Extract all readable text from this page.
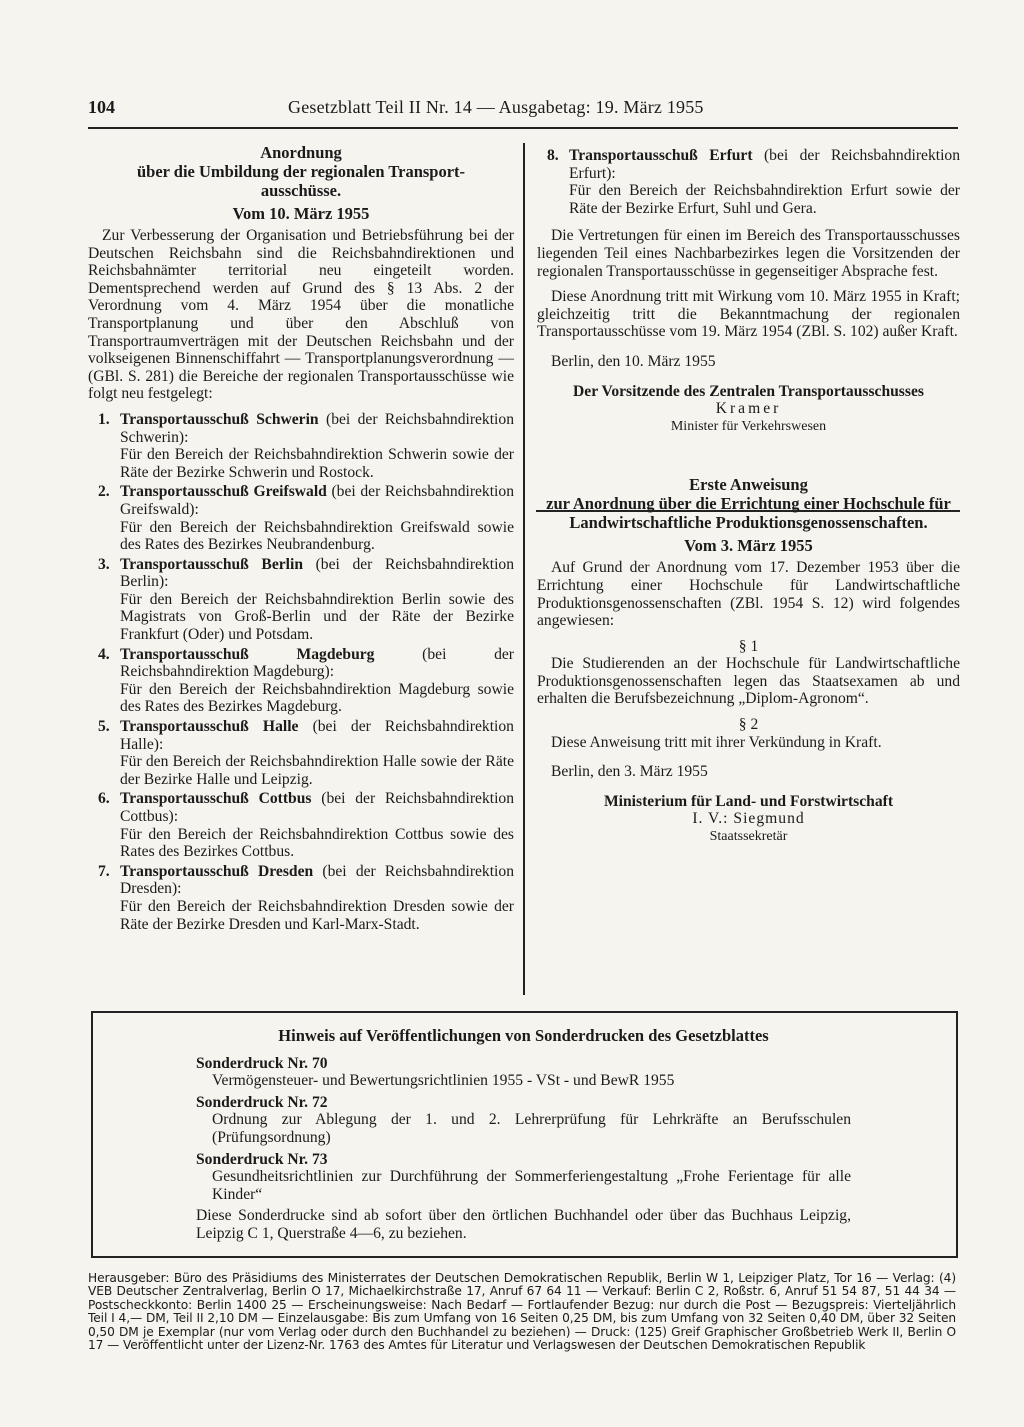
104	Gesetzblatt Teil II Nr. 14 — Ausgabetag: 19. März 1955
Anordnung
über die Umbildung der regionalen Transport-
ausschüsse.
Vom 10. März 1955

Zur Verbesserung der Organisation und Betriebsführung bei der Deutschen Reichsbahn sind die Reichsbahndirektionen und Reichsbahnämter territorial neu eingeteilt worden. Dementsprechend werden auf Grund des § 13 Abs. 2 der Verordnung vom 4. März 1954 über die monatliche Transportplanung und über den Abschluß von Transportraumverträgen mit der Deutschen Reichsbahn und der volkseigenen Binnenschiffahrt — Transportplanungsverordnung — (GBl. S. 281) die Bereiche der regionalen Transportausschüsse wie folgt neu festgelegt:

1. Transportausschuß Schwerin (bei der Reichsbahndirektion Schwerin):
Für den Bereich der Reichsbahndirektion Schwerin sowie der Räte der Bezirke Schwerin und Rostock.
2. Transportausschuß Greifswald (bei der Reichsbahndirektion Greifswald):
Für den Bereich der Reichsbahndirektion Greifswald sowie des Rates des Bezirkes Neubrandenburg.
3. Transportausschuß Berlin (bei der Reichsbahndirektion Berlin):
Für den Bereich der Reichsbahndirektion Berlin sowie des Magistrats von Groß-Berlin und der Räte der Bezirke Frankfurt (Oder) und Potsdam.
4. Transportausschuß Magdeburg	(bei der Reichsbahndirektion Magdeburg):
Für den Bereich der Reichsbahndirektion Magdeburg sowie des Rates des Bezirkes Magdeburg.
5. Transportausschuß Halle (bei der Reichsbahndirektion Halle):
Für den Bereich der Reichsbahndirektion Halle sowie der Räte der Bezirke Halle und Leipzig.
6. Transportausschuß Cottbus (bei der Reichsbahndirektion Cottbus):
Für den Bereich der Reichsbahndirektion Cottbus sowie des Rates des Bezirkes Cottbus.
7. Transportausschuß Dresden (bei der Reichsbahndirektion Dresden):
Für den Bereich der Reichsbahndirektion Dresden sowie der Räte der Bezirke Dresden und Karl-Marx-Stadt.
8. Transportausschuß Erfurt (bei der Reichsbahndirektion Erfurt):
Für den Bereich der Reichsbahndirektion Erfurt sowie der Räte der Bezirke Erfurt, Suhl und Gera.

Die Vertretungen für einen im Bereich des Transportausschusses liegenden Teil eines Nachbarbezirkes legen die Vorsitzenden der regionalen Transportausschüsse in gegenseitiger Absprache fest.

Diese Anordnung tritt mit Wirkung vom 10. März 1955 in Kraft; gleichzeitig tritt die Bekanntmachung der regionalen Transportausschüsse vom 19. März 1954 (ZBl. S. 102) außer Kraft.

Berlin, den 10. März 1955

Der Vorsitzende des Zentralen Transportausschusses
Kramer
Minister für Verkehrswesen
Erste Anweisung
zur Anordnung über die Errichtung einer Hochschule für Landwirtschaftliche Produktionsgenossenschaften.
Vom 3. März 1955

Auf Grund der Anordnung vom 17. Dezember 1953 über die Errichtung einer Hochschule für Landwirtschaftliche Produktionsgenossenschaften (ZBl. 1954 S. 12) wird folgendes angewiesen:

§ 1

Die Studierenden an der Hochschule für Landwirtschaftliche Produktionsgenossenschaften legen das Staatsexamen ab und erhalten die Berufsbezeichnung „Diplom-Agronom“.

§ 2

Diese Anweisung tritt mit ihrer Verkündung in Kraft.

Berlin, den 3. März 1955

Ministerium für Land- und Forstwirtschaft
I. V.: Siegmund
Staatssekretär
Hinweis auf Veröffentlichungen von Sonderdrucken des Gesetzblattes
Sonderdruck Nr. 70
Vermögensteuer- und Bewertungsrichtlinien 1955 - VSt - und BewR 1955
Sonderdruck Nr. 72
Ordnung zur Ablegung der 1. und 2. Lehrerprüfung für Lehrkräfte an Berufsschulen (Prüfungsordnung)
Sonderdruck Nr. 73
Gesundheitsrichtlinien zur Durchführung der Sommerferiengestaltung „Frohe Ferientage für alle Kinder“
Diese Sonderdrucke sind ab sofort über den örtlichen Buchhandel oder über das Buchhaus Leipzig, Leipzig C 1, Querstraße 4—6, zu beziehen.
Herausgeber: Büro des Präsidiums des Ministerrates der Deutschen Demokratischen Republik, Berlin W 1, Leipziger Platz, Tor 16 — Verlag: (4) VEB Deutscher Zentralverlag, Berlin O 17, Michaelkirchstraße 17, Anruf 67 64 11 — Verkauf: Berlin C 2, Roßstr. 6, Anruf 51 54 87, 51 44 34 — Postscheckkonto: Berlin 1400 25 — Erscheinungsweise: Nach Bedarf — Fortlaufender Bezug: nur durch die Post — Bezugspreis: Vierteljährlich Teil I 4,— DM, Teil II 2,10 DM — Einzelausgabe: Bis zum Umfang von 16 Seiten 0,25 DM, bis zum Umfang von 32 Seiten 0,40 DM, über 32 Seiten 0,50 DM je Exemplar (nur vom Verlag oder durch den Buchhandel zu beziehen) — Druck: (125) Greif Graphischer Großbetrieb Werk II, Berlin O 17 — Veröffentlicht unter der Lizenz-Nr. 1763 des Amtes für Literatur und Verlagswesen der Deutschen Demokratischen Republik
